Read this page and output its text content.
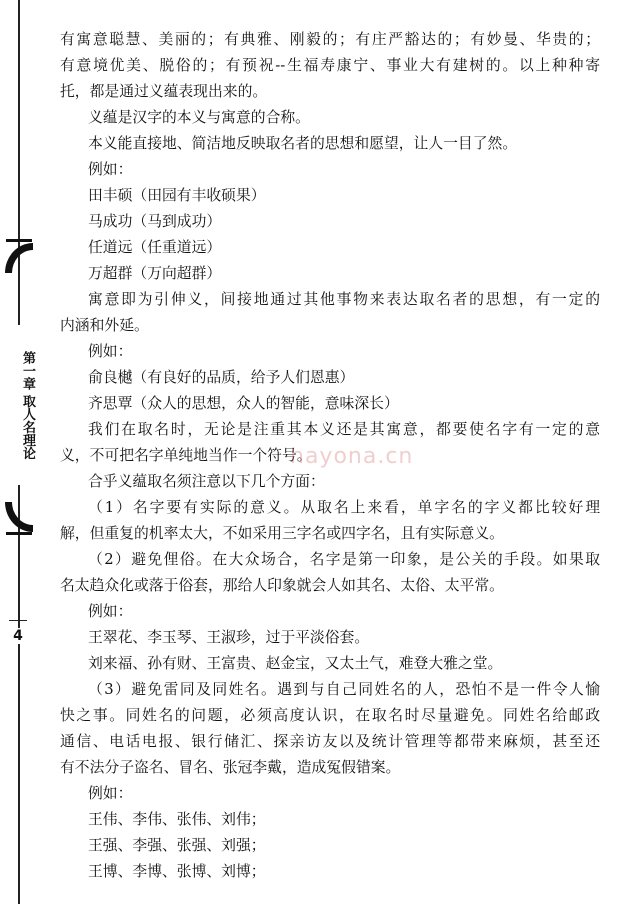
第一章 取人名理论
4
有寓意聪慧、美丽的；有典雅、刚毅的；有庄严豁达的；有妙曼、华贵的；
有意境优美、脱俗的；有预祝--生福寿康宁、事业大有建树的。以上种种寄
托，都是通过义蕴表现出来的。
义蕴是汉字的本义与寓意的合称。
本义能直接地、简洁地反映取名者的思想和愿望，让人一目了然。
例如：
田丰硕（田园有丰收硕果）
马成功（马到成功）
任道远（任重道远）
万超群（万向超群）
寓意即为引伸义，间接地通过其他事物来表达取名者的思想，有一定的
内涵和外延。
例如：
俞良樾（有良好的品质，给予人们恩惠）
齐思覃（众人的思想，众人的智能，意味深长）
我们在取名时，无论是注重其本义还是其寓意，都要使名字有一定的意
义，不可把名字单纯地当作一个符号。
合乎义蕴取名须注意以下几个方面：
（1）名字要有实际的意义。从取名上来看，单字名的字义都比较好理
解，但重复的机率太大，不如采用三字名或四字名，且有实际意义。
（2）避免俚俗。在大众场合，名字是第一印象，是公关的手段。如果取
名太趋众化或落于俗套，那给人印象就会人如其名、太俗、太平常。
例如：
王翠花、李玉琴、王淑珍，过于平淡俗套。
刘来福、孙有财、王富贵、赵金宝，又太土气，难登大雅之堂。
（3）避免雷同及同姓名。遇到与自己同姓名的人，恐怕不是一件令人愉
快之事。同姓名的问题，必须高度认识，在取名时尽量避免。同姓名给邮政
通信、电话电报、银行储汇、探亲访友以及统计管理等都带来麻烦，甚至还
有不法分子盗名、冒名、张冠李戴，造成冤假错案。
例如：
王伟、李伟、张伟、刘伟；
王强、李强、张强、刘强；
王博、李博、张博、刘博；
nayona.cn
